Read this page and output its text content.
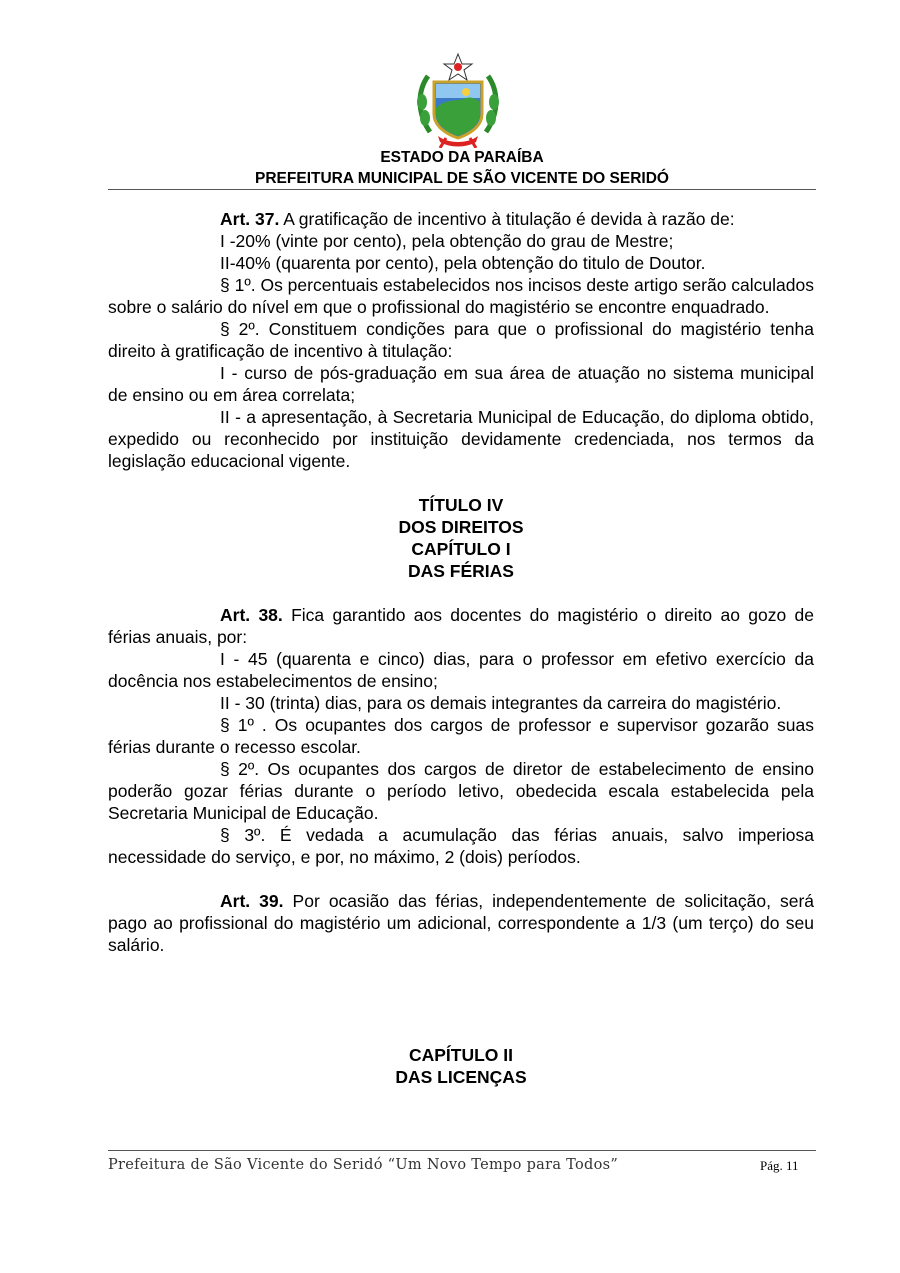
ESTADO DA PARAÍBA
PREFEITURA MUNICIPAL DE SÃO VICENTE DO SERIDÓ

Art. 37. A gratificação de incentivo à titulação é devida à razão de:

I -20% (vinte por cento), pela obtenção do grau de Mestre;

II-40% (quarenta por cento), pela obtenção do titulo de Doutor.

§ 1º. Os percentuais estabelecidos nos incisos deste artigo serão calculados sobre o salário do nível em que o profissional do magistério se encontre enquadrado.

§ 2º. Constituem condições para que o profissional do magistério tenha direito à gratificação de incentivo à titulação:

I - curso de pós-graduação em sua área de atuação no sistema municipal de ensino ou em área correlata;

II - a apresentação, à Secretaria Municipal de Educação, do diploma obtido, expedido ou reconhecido por instituição devidamente credenciada, nos termos da legislação educacional vigente.

TÍTULO IV

DOS DIREITOS

CAPÍTULO I

DAS FÉRIAS

Art. 38. Fica garantido aos docentes do magistério o direito ao gozo de férias anuais, por:

I - 45 (quarenta e cinco) dias, para o professor em efetivo exercício da docência nos estabelecimentos de ensino;

II - 30 (trinta) dias, para os demais integrantes da carreira do magistério.

§ 1º . Os ocupantes dos cargos de professor e supervisor gozarão suas férias durante o recesso escolar.

§ 2º. Os ocupantes dos cargos de diretor de estabelecimento de ensino poderão gozar férias durante o período letivo, obedecida escala estabelecida pela Secretaria Municipal de Educação.

§ 3º. É vedada a acumulação das férias anuais, salvo imperiosa necessidade do serviço, e por, no máximo, 2 (dois) períodos.

Art. 39. Por ocasião das férias, independentemente de solicitação, será pago ao profissional do magistério um adicional, correspondente a 1/3 (um terço) do seu salário.

CAPÍTULO II

DAS LICENÇAS

Prefeitura de São Vicente do Seridó “Um Novo Tempo para Todos”	Pág. 11
